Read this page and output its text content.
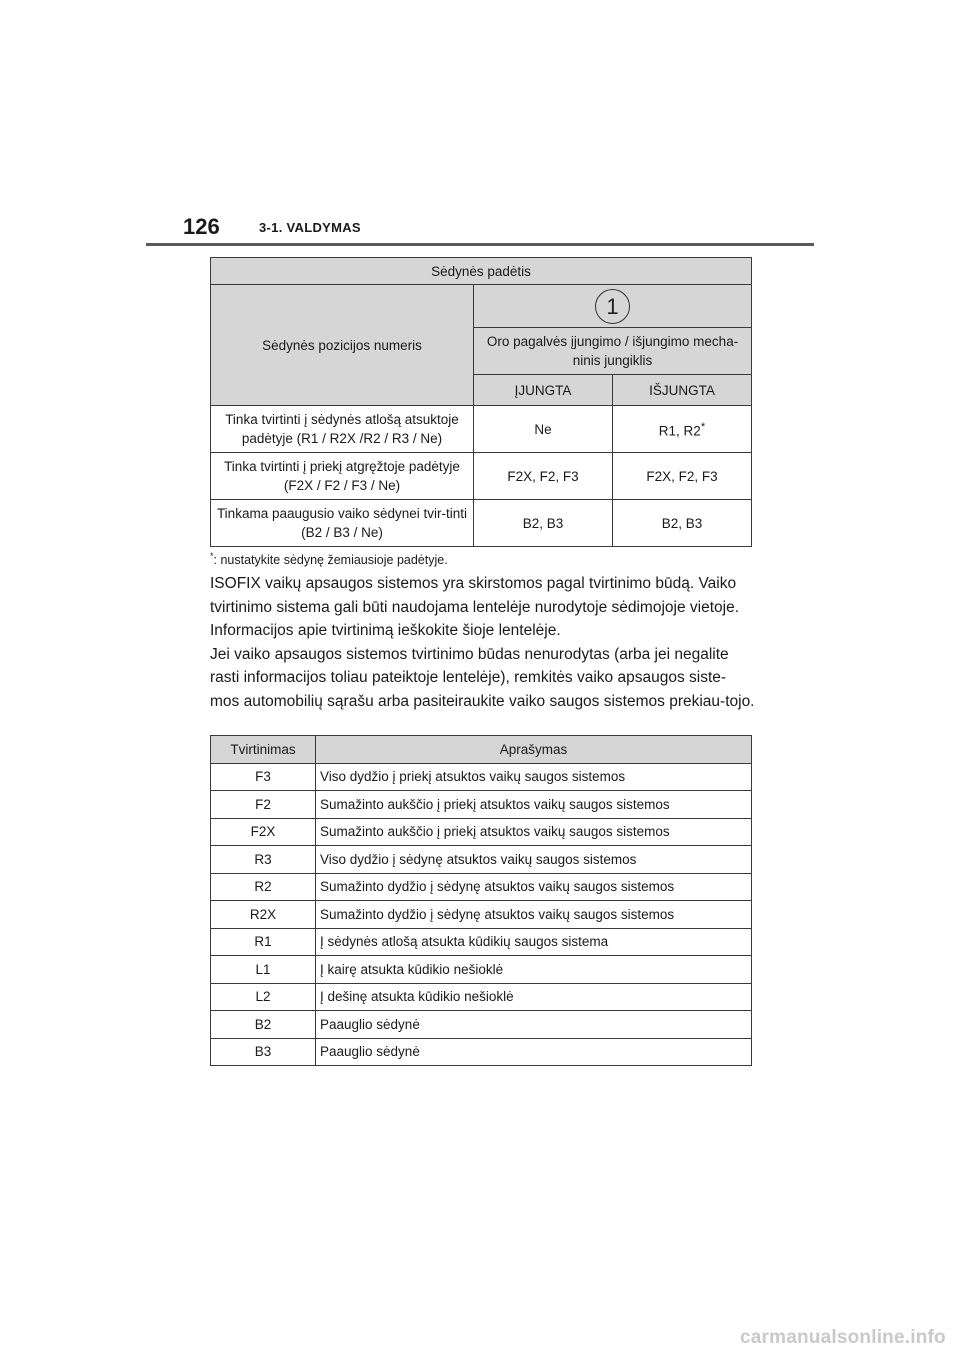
126	3-1. VALDYMAS
Sėdynės padėtis		
Sėdynės pozicijos numeris	1	
	Oro pagalvės įjungimo / išjungimo mecha-ninis jungiklis	
	ĮJUNGTA	IŠJUNGTA
Tinka tvirtinti į sėdynės atlošą atsuktoje padėtyje (R1 / R2X /R2 / R3 / Ne)	Ne	R1, R2*
Tinka tvirtinti į priekį atgręžtoje padėtyje (F2X / F2 / F3 / Ne)	F2X, F2, F3	F2X, F2, F3
Tinkama paaugusio vaiko sėdynei tvir-tinti (B2 / B3 / Ne)	B2, B3	B2, B3
*: nustatykite sėdynę žemiausioje padėtyje.

ISOFIX vaikų apsaugos sistemos yra skirstomos pagal tvirtinimo būdą. Vaiko tvirtinimo sistema gali būti naudojama lentelėje nurodytoje sėdimojoje vietoje. Informacijos apie tvirtinimą ieškokite šioje lentelėje.

Jei vaiko apsaugos sistemos tvirtinimo būdas nenurodytas (arba jei negalite rasti informacijos toliau pateiktoje lentelėje), remkitės vaiko apsaugos siste-mos automobilių sąrašu arba pasiteiraukite vaiko saugos sistemos prekiau-tojo.

Tvirtinimas	Aprašymas
F3	Viso dydžio į priekį atsuktos vaikų saugos sistemos
F2	Sumažinto aukščio į priekį atsuktos vaikų saugos sistemos
F2X	Sumažinto aukščio į priekį atsuktos vaikų saugos sistemos
R3	Viso dydžio į sėdynę atsuktos vaikų saugos sistemos
R2	Sumažinto dydžio į sėdynę atsuktos vaikų saugos sistemos
R2X	Sumažinto dydžio į sėdynę atsuktos vaikų saugos sistemos
R1	Į sėdynės atlošą atsukta kūdikių saugos sistema
L1	Į kairę atsukta kūdikio nešioklė
L2	Į dešinę atsukta kūdikio nešioklė
B2	Paauglio sėdynė
B3	Paauglio sėdynė
carmanualsonline.info
